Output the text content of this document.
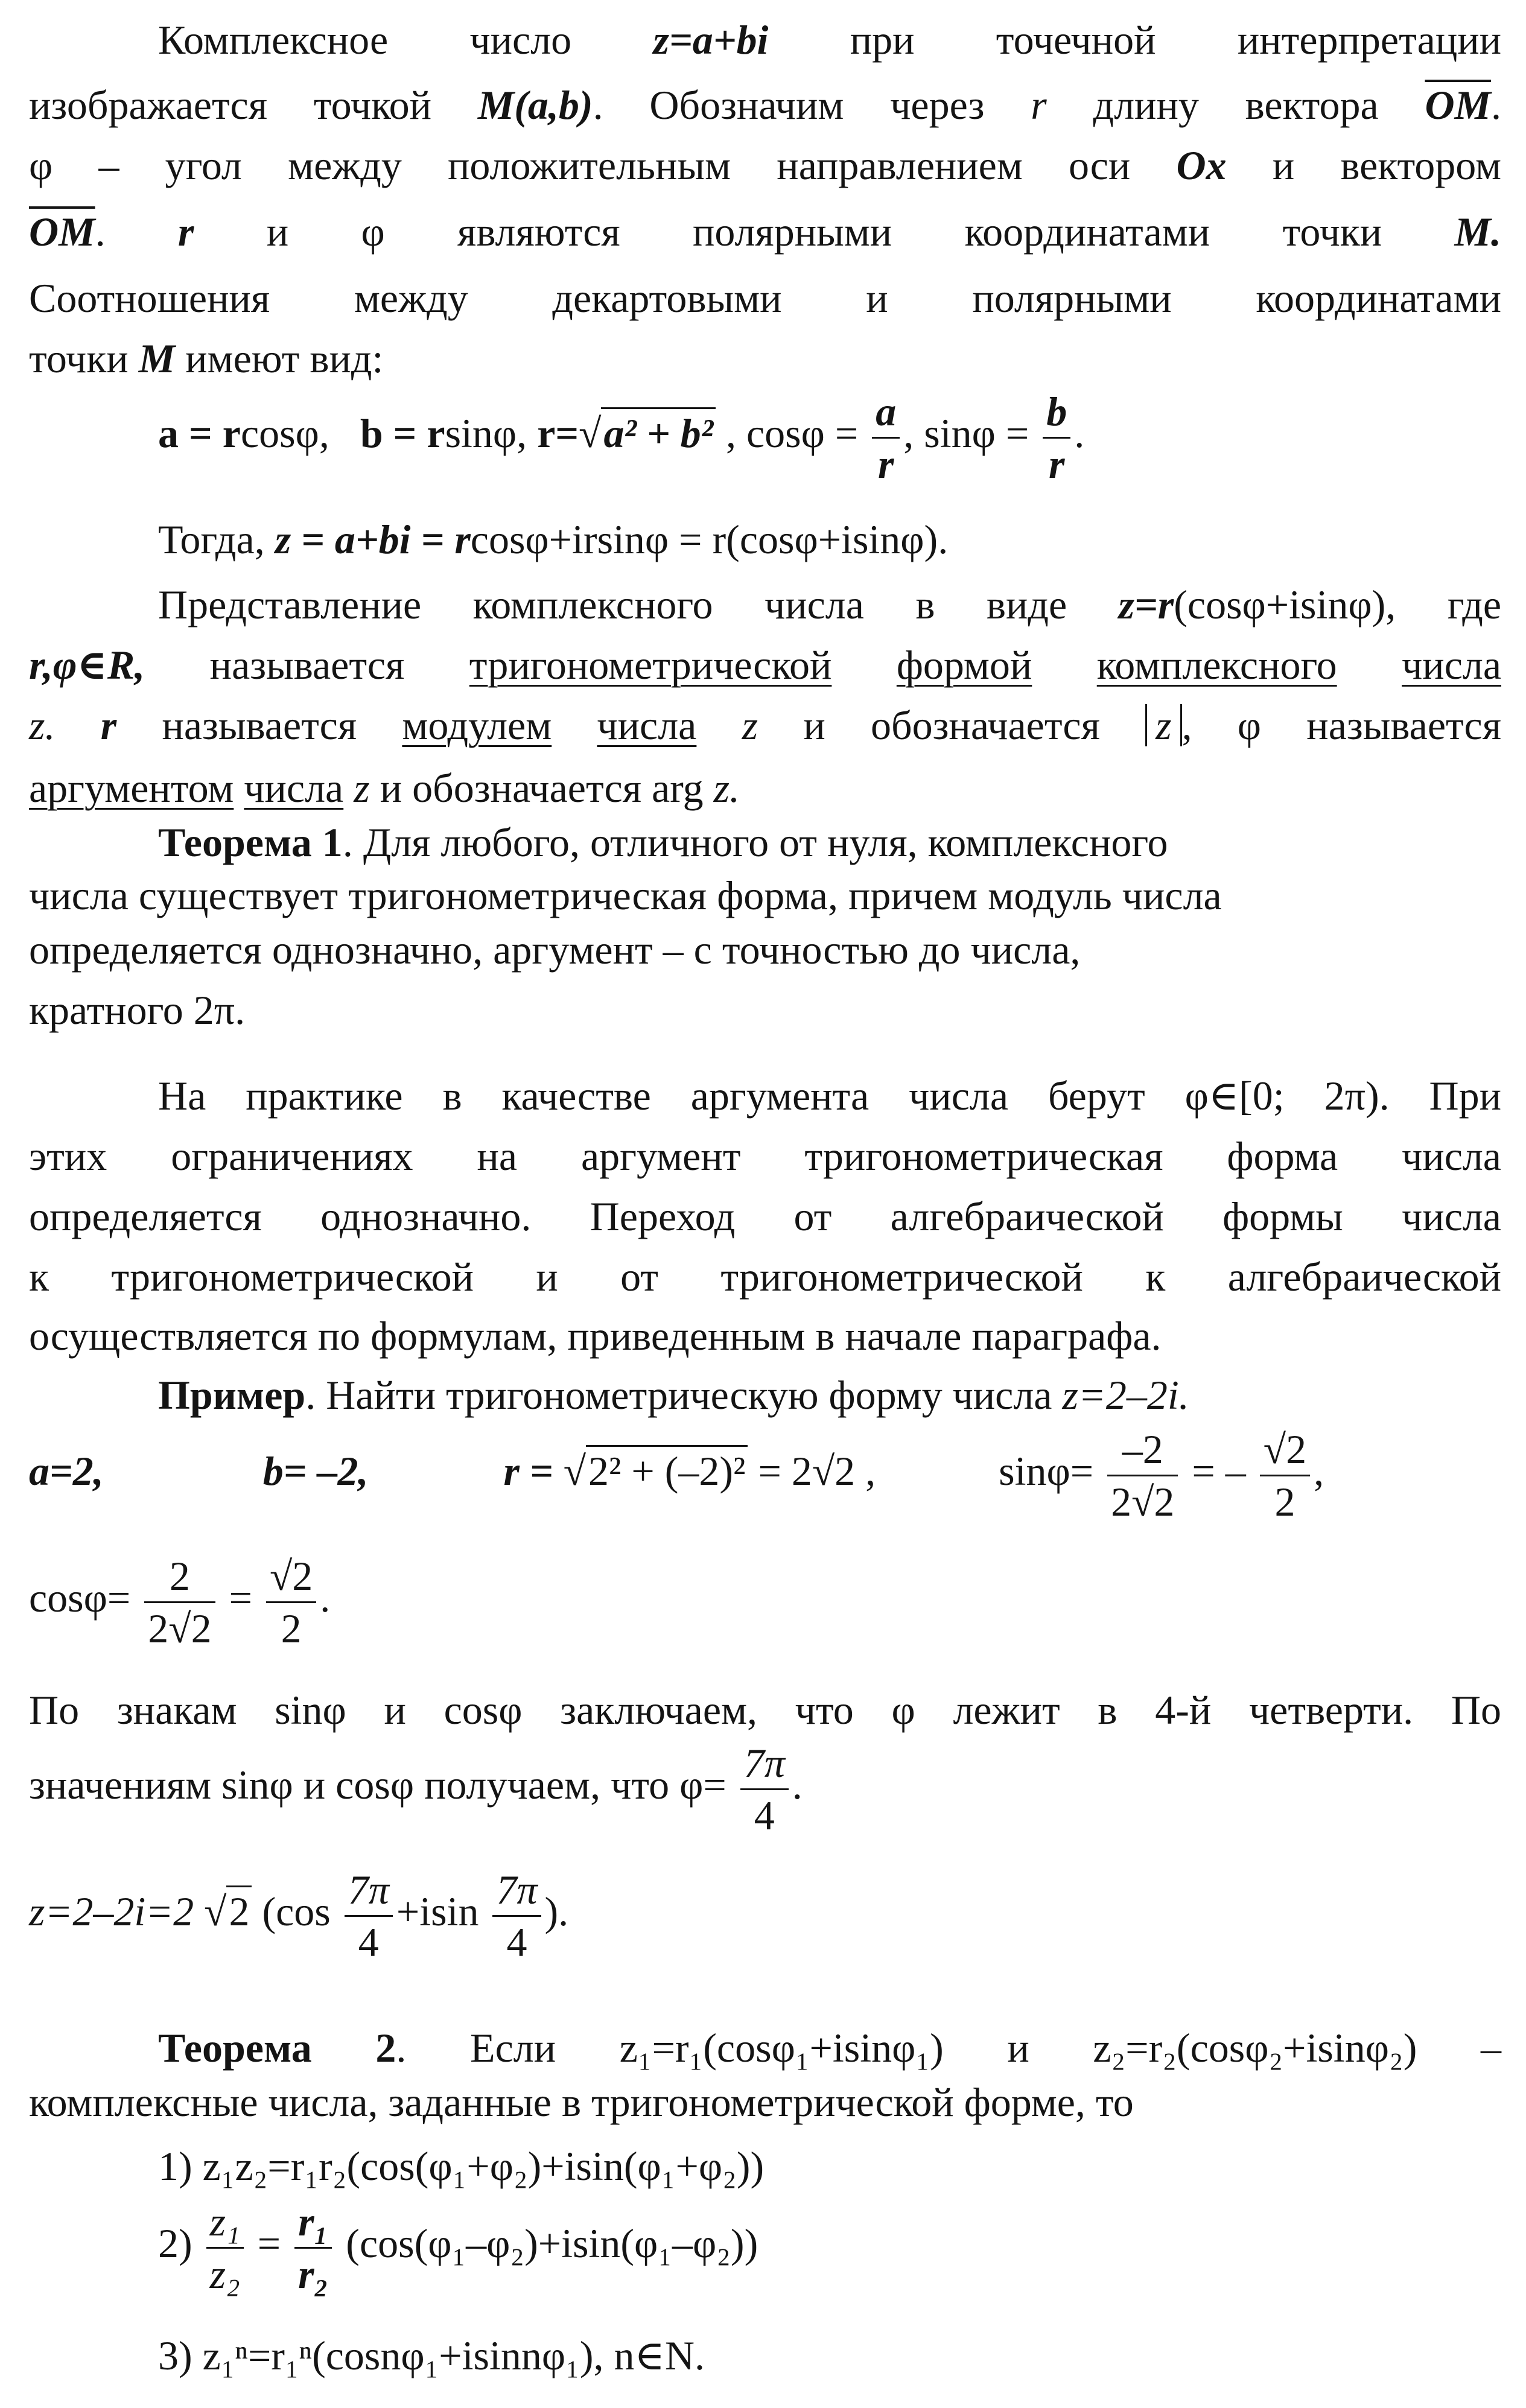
Комплексное число z=a+bi при точечной интерпретации
изображается точкой M(a,b). Обозначим через r длину вектора $\overline{OM}$.
φ – угол между положительным направлением оси Ox и вектором
$\overline{OM}$. r и φ являются полярными координатами точки M.
Соотношения между декартовыми и полярными координатами
точки M имеют вид:
a = rcosφ, b = rsinφ, r=√a² + b² , $\cos\varphi = \frac{a}{r}$ , $\sin\varphi = \frac{b}{r}$ .
Тогда, z = a+bi = rcosφ+irsinφ = r(cosφ+isinφ).
Представление комплексного числа в виде z=r(cosφ+isinφ), где
r,φ∈R, называется тригонометрической формой комплексного числа
z. r называется модулем числа z и обозначается z , φ называется
аргументом числа z и обозначается arg z.
Теорема 1. Для любого, отличного от нуля, комплексного
числа существует тригонометрическая форма, причем модуль числа
определяется однозначно, аргумент – с точностью до числа,
кратного 2π.
На практике в качестве аргумента числа берут φ∈[0; 2π). При
этих ограничениях на аргумент тригонометрическая форма числа
определяется однозначно. Переход от алгебраической формы числа
к тригонометрической и от тригонометрической к алгебраической
осуществляется по формулам, приведенным в начале параграфа.
Пример. Найти тригонометрическую форму числа z=2–2i.
a=2,	b= –2,	r = √2² + (–2)² = 2√2 ,	$\sin\varphi= \frac{-2}{2√2}$ = – $\frac{√2}{2}$ ,
$\cos\varphi= \frac{2}{2√2} = \frac{√2}{2}$ .
По знакам sinφ и cosφ заключаем, что φ лежит в 4-й четверти. По
значениям sinφ и cosφ получаем, что $\varphi= \frac{7\pi}{4}$ .
z=2–2i=2 √2 ($\cos \frac{7\pi}{4} +isin \frac{7\pi}{4}$ ).
Теорема 2. Если z₁=r₁(cosφ₁+isinφ₁) и z₂=r₂(cosφ₂+isinφ₂) –
комплексные числа, заданные в тригонометрической форме, то
1) z₁z₂=r₁r₂(cos(φ₁+φ₂)+isin(φ₁+φ₂))
$2) \frac{\text{z₁}}{\text{z₂}} = \frac{\text{r₁}}{\text{r₂}} (\cos(\varphi_1-\varphi_2)+isin(\varphi_1-\varphi_2))$
3) z₁ⁿ=r₁ⁿ(cosnφ₁+isinnφ₁), n∈N.
